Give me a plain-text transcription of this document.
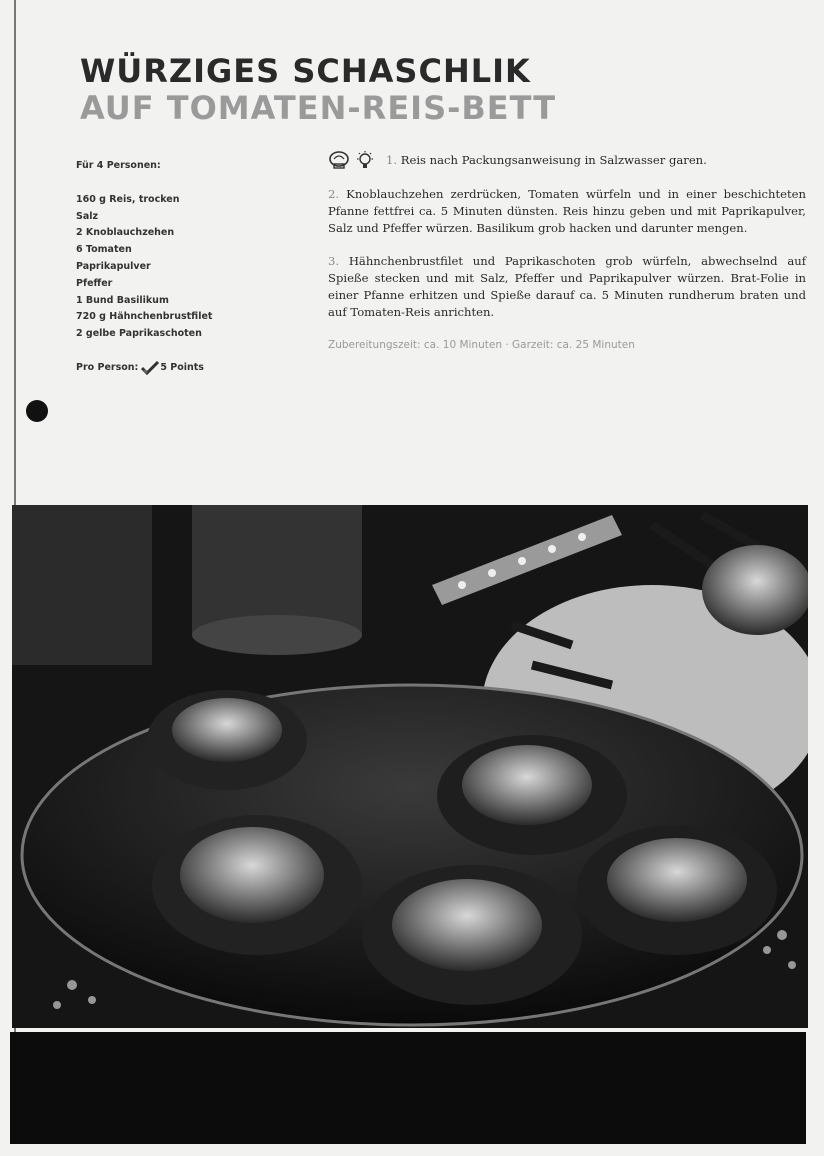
WÜRZIGES SCHASCHLIK
AUF TOMATEN-REIS-BETT
Für 4 Personen:
160 g Reis, trocken
Salz
2 Knoblauchzehen
6 Tomaten
Paprikapulver
Pfeffer
1 Bund Basilikum
720 g Hähnchenbrustfilet
2 gelbe Paprikaschoten
Pro Person: 5 Points
1. Reis nach Packungsanweisung in Salzwasser garen.

2. Knoblauchzehen zerdrücken, Tomaten würfeln und in einer beschichteten Pfanne fettfrei ca. 5 Minuten dünsten. Reis hinzu geben und mit Paprikapulver, Salz und Pfeffer würzen. Basilikum grob hacken und darunter mengen.

3. Hähnchenbrustfilet und Paprikaschoten grob würfeln, abwechselnd auf Spieße stecken und mit Salz, Pfeffer und Paprikapulver würzen. Brat-Folie in einer Pfanne erhitzen und Spieße darauf ca. 5 Minuten rundherum braten und auf Tomaten-Reis anrichten.

Zubereitungszeit: ca. 10 Minuten · Garzeit: ca. 25 Minuten
